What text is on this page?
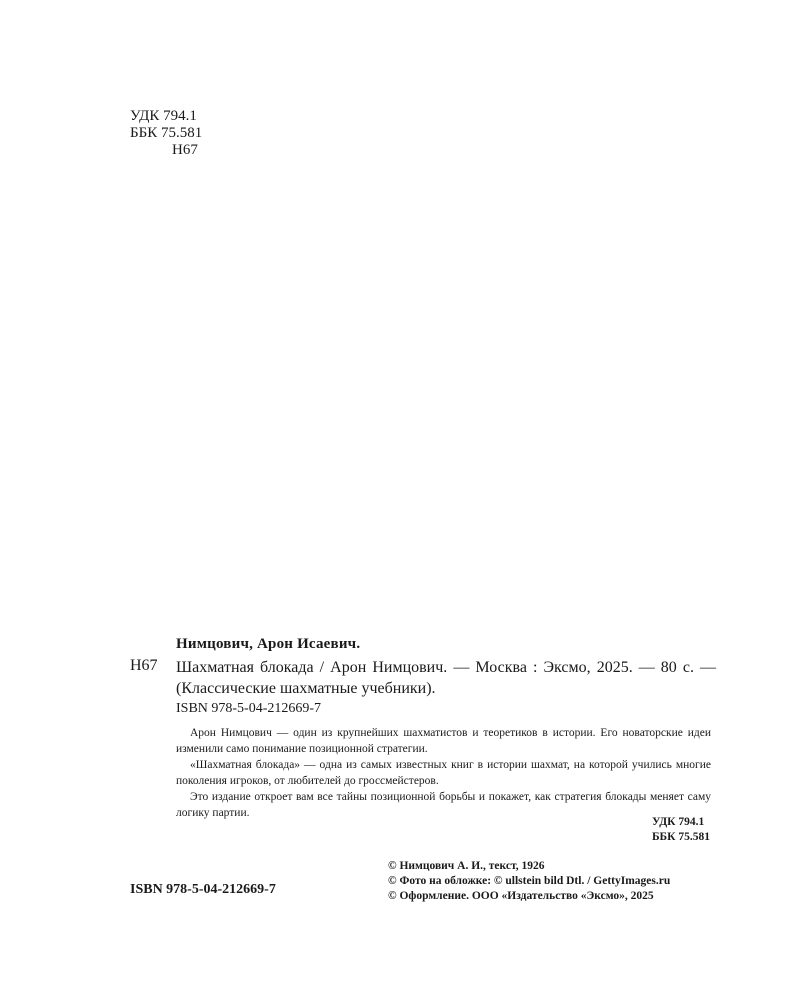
УДК 794.1
ББК 75.581
Н67
Нимцович, Арон Исаевич.
Н67 Шахматная блокада / Арон Нимцович. — Москва : Эксмо, 2025. — 80 с. — (Классические шахматные учебники).
ISBN 978-5-04-212669-7

Арон Нимцович — один из крупнейших шахматистов и теоретиков в истории. Его новаторские идеи изменили само понимание позиционной стратегии.

«Шахматная блокада» — одна из самых известных книг в истории шахмат, на которой учились многие поколения игроков, от любителей до гроссмейстеров.

Это издание откроет вам все тайны позиционной борьбы и покажет, как стратегия блокады меняет саму логику партии.

УДК 794.1
ББК 75.581
ISBN 978-5-04-212669-7
© Нимцович А. И., текст, 1926
© Фото на обложке: © ullstein bild Dtl. / GettyImages.ru
© Оформление. ООО «Издательство «Эксмо», 2025
